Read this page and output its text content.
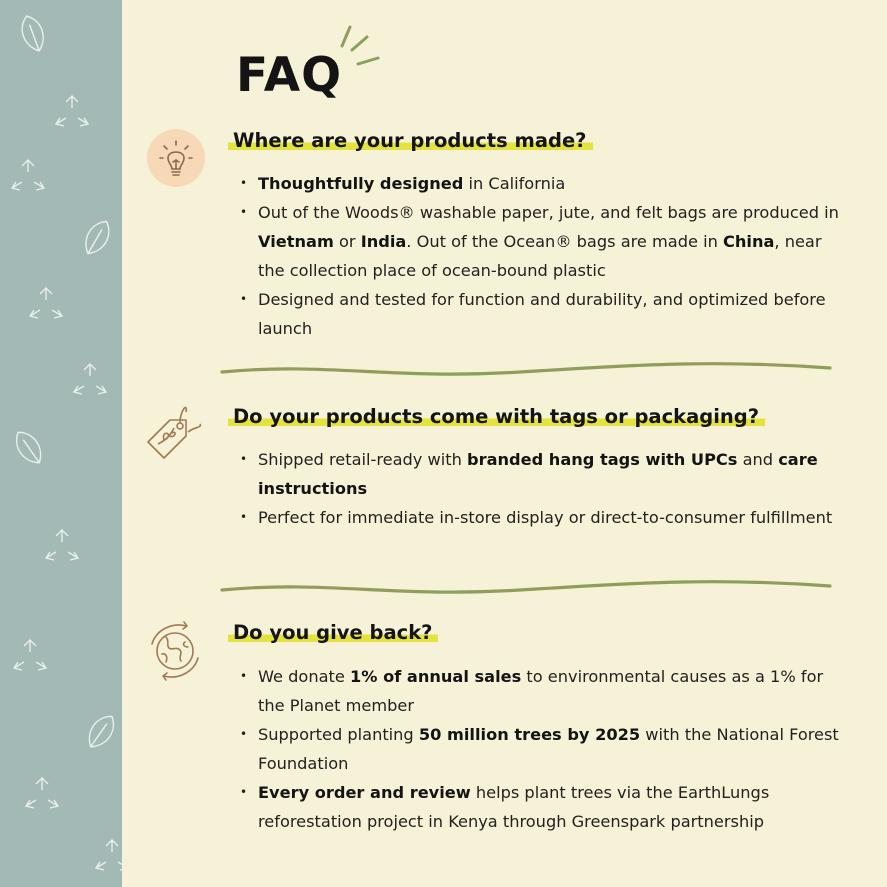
FAQ
Where are your products made?
• Thoughtfully designed in California
• Out of the Woods® washable paper, jute, and felt bags are produced in Vietnam or India. Out of the Ocean® bags are made in China, near the collection place of ocean-bound plastic
• Designed and tested for function and durability, and optimized before launch
Do your products come with tags or packaging?
• Shipped retail-ready with branded hang tags with UPCs and care instructions
• Perfect for immediate in-store display or direct-to-consumer fulfillment
Do you give back?
• We donate 1% of annual sales to environmental causes as a 1% for the Planet member
• Supported planting 50 million trees by 2025 with the National Forest Foundation
• Every order and review helps plant trees via the EarthLungs reforestation project in Kenya through Greenspark partnership
